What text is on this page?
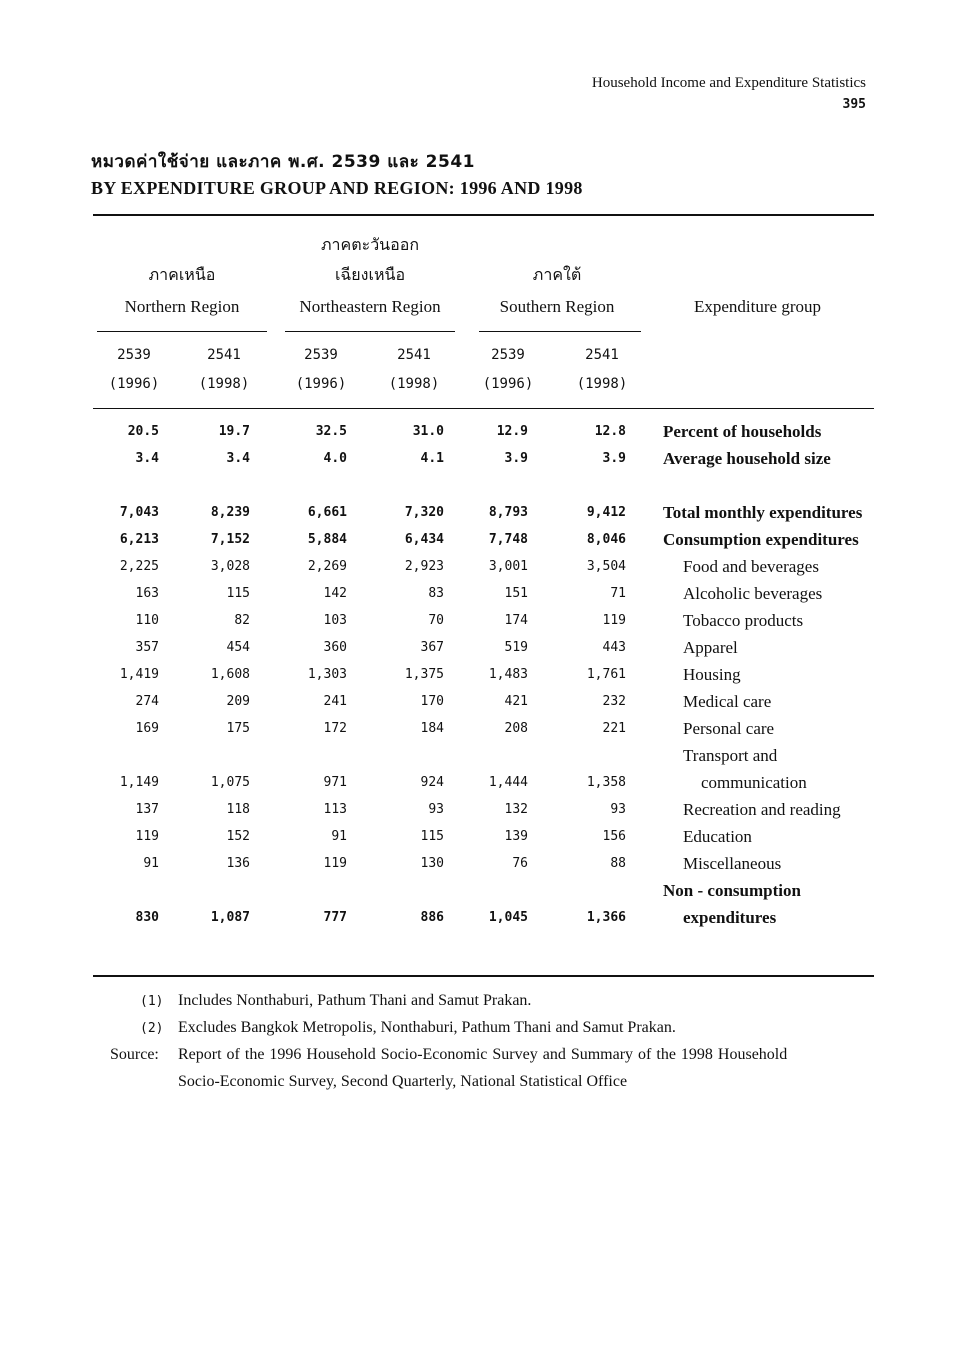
Household Income and Expenditure Statistics
395
หมวดค่าใช้จ่าย และภาค พ.ศ. 2539 และ 2541
BY EXPENDITURE GROUP AND REGION: 1996 AND 1998
ภาคเหนือ
Northern Region
ภาคตะวันออก
เฉียงเหนือ
Northeastern Region
ภาคใต้
Southern Region	Expenditure group
2539	2541	2539	2541	2539	2541
(1996)	(1998)	(1996)	(1998)	(1996)	(1998)
20.5	19.7	32.5	31.0	12.9	12.8 Percent of households
3.4	3.4	4.0	4.1	3.9	3.9 Average household size
7,043	8,239	6,661	7,320	8,793	9,412 Total monthly expenditures
6,213	7,152	5,884	6,434	7,748	8,046 Consumption expenditures
2,225	3,028	2,269	2,923	3,001	3,504	Food and beverages
163	115	142	83	151	71	Alcoholic beverages
110	82	103	70	174	119	Tobacco products
357	454	360	367	519	443	Apparel
1,419	1,608	1,303	1,375	1,483	1,761	Housing
274	209	241	170	421	232	Medical care
169	175	172	184	208	221	Personal care
1,149	1,075	971	924	1,444	1,358
Transport and
communication
137	118	113	93	132	93	Recreation and reading
119	152	91	115	139	156	Education
91	136	119	130	76	88	Miscellaneous
830	1,087	777	886	1,045	1,366
Non - consumption
expenditures
(1) Includes Nonthaburi, Pathum Thani and Samut Prakan.
(2) Excludes Bangkok Metropolis, Nonthaburi, Pathum Thani and Samut Prakan.
Source: Report of the 1996 Household Socio-Economic Survey and Summary of the 1998 Household
Socio-Economic Survey, Second Quarterly, National Statistical Office
